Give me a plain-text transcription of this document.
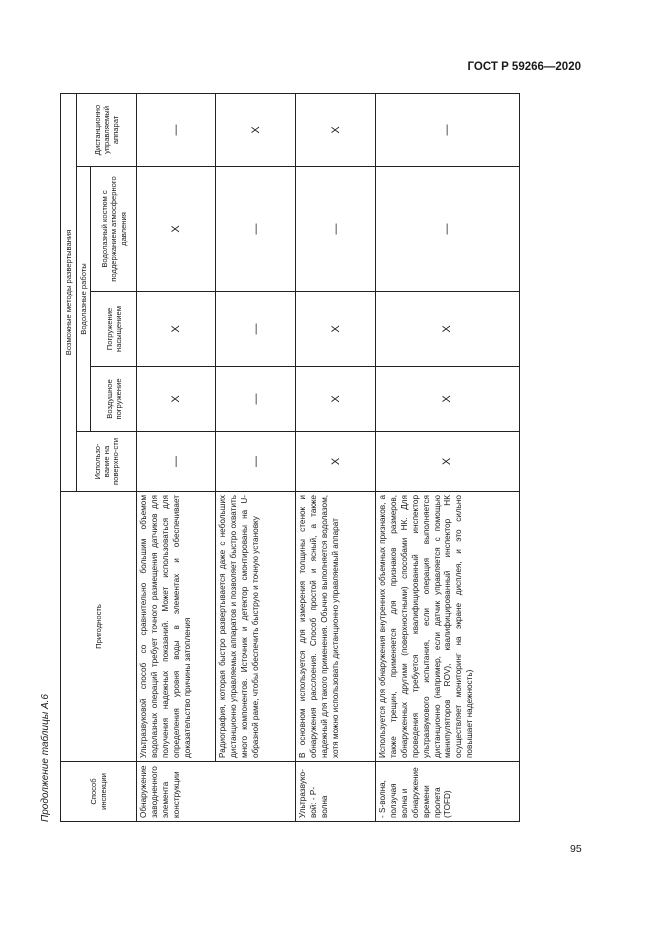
ГОСТ Р 59266—2020
Продолжение таблицы А.6	Способ инспекции	Пригодность	Возможные методы развертывания				
		Использо-вание на поверхно-сти	Водолазные работы			Дистанционно управляемый аппарат
			Воздушное погружение	Погружение насыщением	Водолазный костюм с поддержанием атмосферного давления	
Обнаружение заводненного элемента конструкции	Ультразвуковой способ со сравнительно большим объемом водолазных операций требует точного размещения датчиков для получения надежных показаний. Может использоваться для определения уровня воды в элементах и обеспечивает доказательство причины затопления	—	X	X	X	—
	Радиография, которая быстро развертывается даже с небольших дистанционно управляемых аппаратов и позволяет быстро охватить много компонентов. Источник и детектор смонтированы на U-образной раме, чтобы обеспечить быструю и точную установку	—	—	—	—	X
Ультразвуко-вой: - P-волна	В основном используется для измерения толщины стенок и обнаружения расслоения. Способ простой и ясный, а также надежный для такого применения. Обычно выполняется водолазом, хотя можно использовать дистанционно управляемый аппарат	X	X	X	—	X
- S-волна, ползучая волна и обнаружение времени пролета (TOFD)	Используется для обнаружения внутренних объемных признаков, а также трещин, применяется для признаков размеров, обнаруженных другими (поверхностными) способами НК. Для проведения требуется квалифицированный инспектор ультразвукового испытания, если операция выполняется дистанционно (например, если датчик управляется с помощью манипуляторов ROV), квалифицированный инспектор НК осуществляет мониторинг на экране дисплея, и это сильно повышает надежность)	X	X	X	—	—
95
